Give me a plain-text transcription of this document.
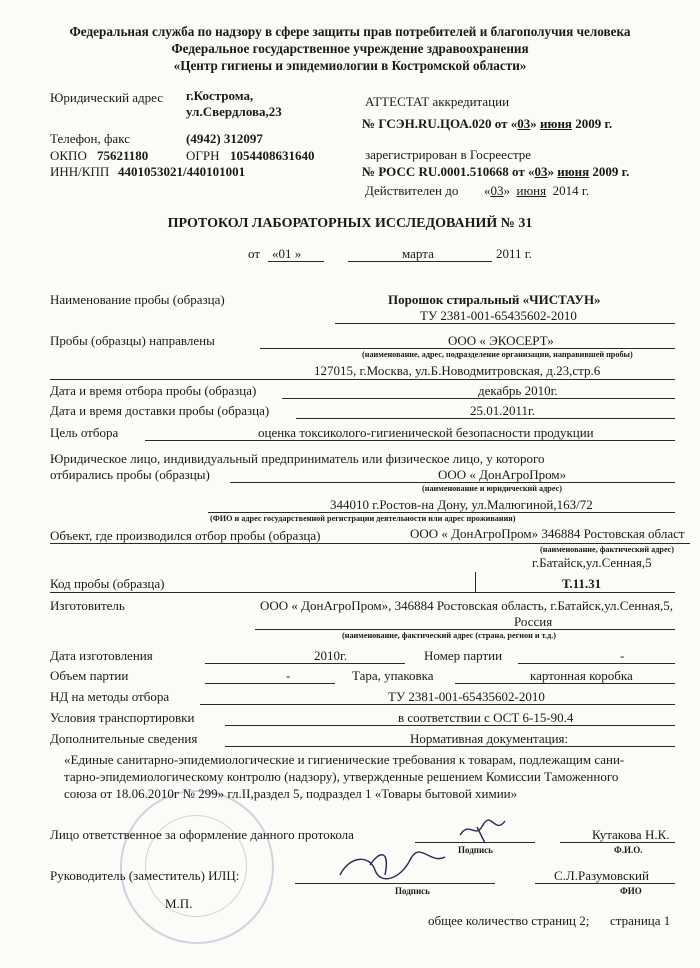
Федеральная служба по надзору в сфере защиты прав потребителей и благополучия человека
Федеральное государственное учреждение здравоохранения
«Центр гигиены и эпидемиологии в Костромской области»
Юридический адрес г.Кострома,
ул.Свердлова,23
Телефон, факс	(4942) 312097
ОКПО 75621180	ОГРН 1054408631640
ИНН/КПП 4401053021/440101001
АТТЕСТАТ аккредитации
№ ГСЭН.RU.ЦОА.020 от «03» июня 2009 г.
зарегистрирован в Госреестре
№ РОСС RU.0001.510668 от «03» июня 2009 г.
Действителен до «03» июня 2014 г.
ПРОТОКОЛ ЛАБОРАТОРНЫХ ИССЛЕДОВАНИЙ № 31
от «01 »	марта	2011 г.
Наименование пробы (образца)	Порошок стиральный «ЧИСТАУН»
ТУ 2381-001-65435602-2010
Пробы (образцы) направлены	ООО « ЭКОСЕРТ»
(наименование, адрес, подразделение организации, направившей пробы)
127015, г.Москва, ул.Б.Новодмитровская, д.23,стр.6
Дата и время отбора пробы (образца)	декабрь 2010г.
Дата и время доставки пробы (образца)	25.01.2011г.
Цель отбора	оценка токсиколого-гигиенической безопасности продукции
Юридическое лицо, индивидуальный предприниматель или физическое лицо, у которого
отбирались пробы (образцы)	ООО « ДонАгроПром»
(наименование и юридический адрес)
344010 г.Ростов-на Дону, ул.Малюгиной,163/72
(ФИО и адрес государственной регистрации деятельности или адрес проживания)
Объект, где производился отбор пробы (образца)	ООО « ДонАгроПром» 346884 Ростовская област
(наименование, фактический адрес)
г.Батайск,ул.Сенная,5
Код пробы (образца)	Т.11.31
Изготовитель	ООО « ДонАгроПром», 346884 Ростовская область, г.Батайск,ул.Сенная,5,
Россия
(наименование, фактический адрес (страна, регион и т.д.)
Дата изготовления	2010г.	Номер партии	-
Объем партии	-	Тара, упаковка	картонная коробка
НД на методы отбора	ТУ 2381-001-65435602-2010
Условия транспортировки	в соответствии с ОСТ 6-15-90.4
Дополнительные сведения	Нормативная документация:
«Единые санитарно-эпидемиологические и гигиенические требования к товарам, подлежащим сани-
тарно-эпидемиологическому контролю (надзору), утвержденные решением Комиссии Таможенного
союза от 18.06.2010г № 299» гл.II,раздел 5, подраздел 1 «Товары бытовой химии»
Лицо ответственное за оформление данного протокола
Подпись
Кутакова Н.К.
Ф.И.О.
Руководитель (заместитель) ИЛЦ:
Подпись
С.Л.Разумовский
ФИО
М.П.
общее количество страниц 2; страница 1
